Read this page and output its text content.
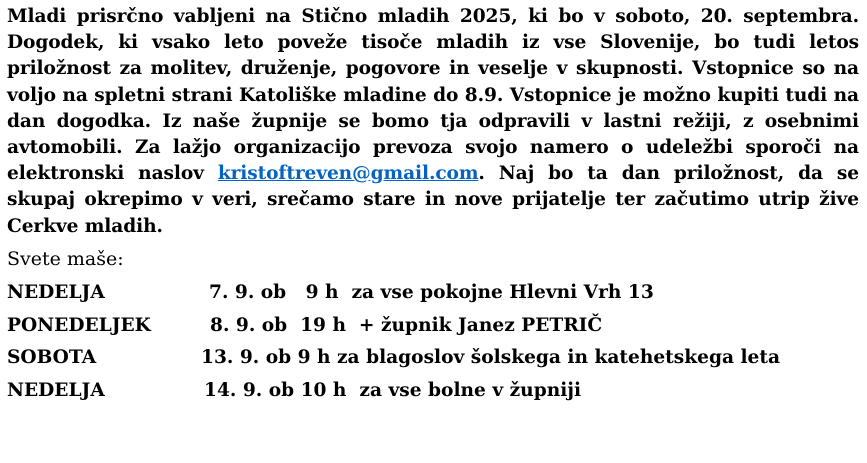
Mladi prisrčno vabljeni na Stično mladih 2025, ki bo v soboto, 20. septembra. Dogodek, ki vsako leto poveže tisoče mladih iz vse Slovenije, bo tudi letos priložnost za molitev, druženje, pogovore in veselje v skupnosti. Vstopnice so na voljo na spletni strani Katoliške mladine do 8.9. Vstopnice je možno kupiti tudi na dan dogodka. Iz naše župnije se bomo tja odpravili v lastni režiji, z osebnimi avtomobili. Za lažjo organizacijo prevoza svojo namero o udeležbi sporoči na elektronski naslov kristoftreven@gmail.com. Naj bo ta dan priložnost, da se skupaj okrepimo v veri, srečamo stare in nove prijatelje ter začutimo utrip žive Cerkve mladih.

Svete maše:
NEDELJA	7. 9. ob   9 h  za vse pokojne Hlevni Vrh 13
PONEDELJEK	8. 9. ob  19 h  + župnik Janez PETRIČ
SOBOTA	13. 9. ob 9 h za blagoslov šolskega in katehetskega leta
NEDELJA	14. 9. ob 10 h  za vse bolne v župniji
